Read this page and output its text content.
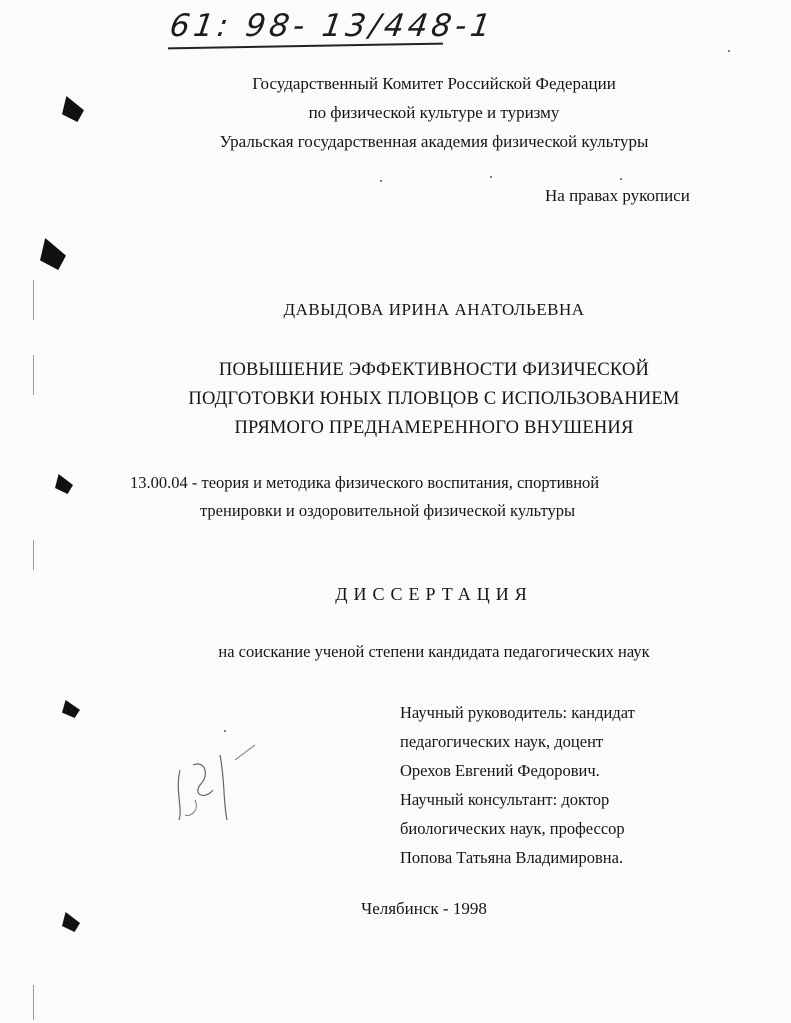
61: 98- 13/448-1
Государственный Комитет Российской Федерации
по физической культуре и туризму
Уральская государственная академия физической культуры
На правах рукописи
ДАВЫДОВА ИРИНА АНАТОЛЬЕВНА
ПОВЫШЕНИЕ ЭФФЕКТИВНОСТИ ФИЗИЧЕСКОЙ
ПОДГОТОВКИ ЮНЫХ ПЛОВЦОВ С ИСПОЛЬЗОВАНИЕМ
ПРЯМОГО ПРЕДНАМЕРЕННОГО ВНУШЕНИЯ
13.00.04 - теория и методика физического воспитания, спортивной
тренировки и оздоровительной физической культуры
ДИССЕРТАЦИЯ
на соискание ученой степени кандидата педагогических наук
Научный руководитель: кандидат
педагогических наук, доцент
Орехов Евгений Федорович.
Научный консультант: доктор
биологических наук, профессор
Попова Татьяна Владимировна.
Челябинск - 1998
